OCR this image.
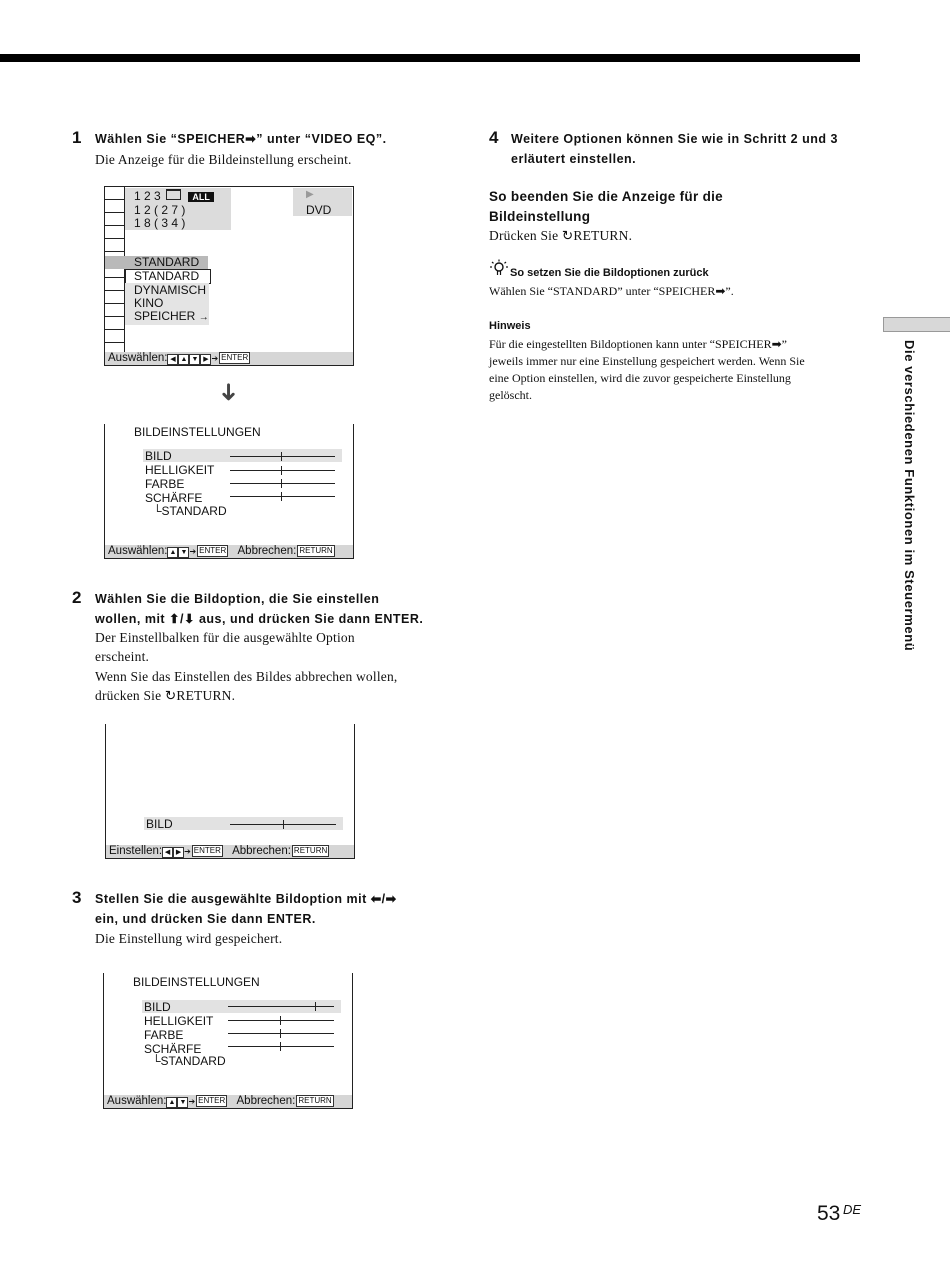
1 Wählen Sie “SPEICHER➡” unter “VIDEO EQ”.
Die Anzeige für die Bildeinstellung erscheint.
1 2 3	ALL
1 2 ( 2 7 )
1 8 ( 3 4 )
▶
DVD
STANDARD
STANDARD
DYNAMISCH
KINO
SPEICHER →
Auswählen: ◀ ▲ ▼ ▶ ➔ ENTER
➜
BILDEINSTELLUNGEN
BILD
HELLIGKEIT
FARBE
SCHÄRFE
└STANDARD
Auswählen: ▲ ▼ ➔ ENTER Abbrechen: RETURN
2 Wählen Sie die Bildoption, die Sie einstellen
wollen, mit ⬆/⬇ aus, und drücken Sie dann ENTER.
Der Einstellbalken für die ausgewählte Option
erscheint.
Wenn Sie das Einstellen des Bildes abbrechen wollen,
drücken Sie ↻RETURN.
BILD
Einstellen: ◀ ▶ ➔ ENTER Abbrechen: RETURN
3 Stellen Sie die ausgewählte Bildoption mit ⬅/➡
ein, und drücken Sie dann ENTER.
Die Einstellung wird gespeichert.
BILDEINSTELLUNGEN
BILD
HELLIGKEIT
FARBE
SCHÄRFE
└STANDARD
Auswählen: ▲ ▼ ➔ ENTER Abbrechen: RETURN
4 Weitere Optionen können Sie wie in Schritt 2 und 3
erläutert einstellen.
So beenden Sie die Anzeige für die
Bildeinstellung
Drücken Sie ↻RETURN.
So setzen Sie die Bildoptionen zurück
Wählen Sie “STANDARD” unter “SPEICHER➡”.
Hinweis
Für die eingestellten Bildoptionen kann unter “SPEICHER➡”
jeweils immer nur eine Einstellung gespeichert werden. Wenn Sie
eine Option einstellen, wird die zuvor gespeicherte Einstellung
gelöscht.	Die verschiedenen Funktionen im Steuermenü
53 DE
